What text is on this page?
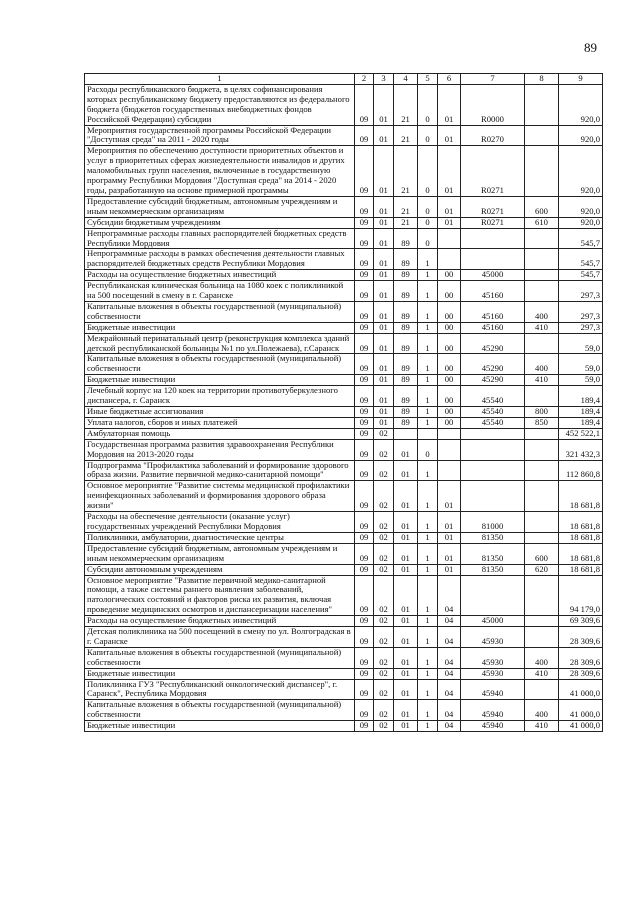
89
1	2	3	4	5	6	7	8	9
Расходы республиканского бюджета, в целях софинансирования которых республиканскому бюджету предоставляются из федерального бюджета (бюджетов государственных внебюджетных фондов Российской Федерации) субсидии	09	01	21	0	01	R0000		920,0
Мероприятия государственной программы Российской Федерации "Доступная среда" на 2011 - 2020 годы	09	01	21	0	01	R0270		920,0
Мероприятия по обеспечению доступности приоритетных объектов и услуг в приоритетных сферах жизнедеятельности инвалидов и других маломобильных групп населения, включенные в государственную программу Республики Мордовия "Доступная среда" на 2014 - 2020 годы, разработанную на основе примерной программы	09	01	21	0	01	R0271		920,0
Предоставление субсидий бюджетным, автономным учреждениям и иным некоммерческим организациям	09	01	21	0	01	R0271	600	920,0
Субсидии бюджетным учреждениям	09	01	21	0	01	R0271	610	920,0
Непрограммные расходы главных распорядителей бюджетных средств Республики Мордовия	09	01	89	0				545,7
Непрограммные расходы в рамках обеспечения деятельности главных распорядителей бюджетных средств Республики Мордовия	09	01	89	1				545,7
Расходы на осуществление бюджетных инвестиций	09	01	89	1	00	45000		545,7
Республиканская клиническая больница на 1080 коек с поликлиникой на 500 посещений в смену в г. Саранске	09	01	89	1	00	45160		297,3
Капитальные вложения в объекты государственной (муниципальной) собственности	09	01	89	1	00	45160	400	297,3
Бюджетные инвестиции	09	01	89	1	00	45160	410	297,3
Межрайонный перинатальный центр (реконструкция комплекса зданий детской республиканской больницы №1 по ул.Полежаева), г.Саранск	09	01	89	1	00	45290		59,0
Капитальные вложения в объекты государственной (муниципальной) собственности	09	01	89	1	00	45290	400	59,0
Бюджетные инвестиции	09	01	89	1	00	45290	410	59,0
Лечебный корпус на 120 коек на территории противотуберкулезного диспансера, г. Саранск	09	01	89	1	00	45540		189,4
Иные бюджетные ассигнования	09	01	89	1	00	45540	800	189,4
Уплата налогов, сборов и иных платежей	09	01	89	1	00	45540	850	189,4
Амбулаторная помощь	09	02						452 522,1
Государственная программа развития здравоохранения Республики Мордовия на 2013-2020 годы	09	02	01	0				321 432,3
Подпрограмма "Профилактика заболеваний и формирование здорового образа жизни. Развитие первичной медико-санитарной помощи"	09	02	01	1				112 860,8
Основное мероприятие "Развитие системы медицинской профилактики неинфекционных заболеваний и формирования здорового образа жизни"	09	02	01	1	01			18 681,8
Расходы на обеспечение деятельности (оказание услуг) государственных учреждений Республики Мордовия	09	02	01	1	01	81000		18 681,8
Поликлиники, амбулатории, диагностические центры	09	02	01	1	01	81350		18 681,8
Предоставление субсидий бюджетным, автономным учреждениям и иным некоммерческим организациям	09	02	01	1	01	81350	600	18 681,8
Субсидии автономным учреждениям	09	02	01	1	01	81350	620	18 681,8
Основное мероприятие "Развитие первичной медико-санитарной помощи, а также системы раннего выявления заболеваний, патологических состояний и факторов риска их развития, включая проведение медицинских осмотров и диспансеризации населения"	09	02	01	1	04			94 179,0
Расходы на осуществление бюджетных инвестиций	09	02	01	1	04	45000		69 309,6
Детская поликлиника на 500 посещений в смену по ул. Волгоградская в г. Саранске	09	02	01	1	04	45930		28 309,6
Капитальные вложения в объекты государственной (муниципальной) собственности	09	02	01	1	04	45930	400	28 309,6
Бюджетные инвестиции	09	02	01	1	04	45930	410	28 309,6
Поликлиника ГУЗ "Республиканский онкологический диспансер", г. Саранск", Республика Мордовия	09	02	01	1	04	45940		41 000,0
Капитальные вложения в объекты государственной (муниципальной) собственности	09	02	01	1	04	45940	400	41 000,0
Бюджетные инвестиции	09	02	01	1	04	45940	410	41 000,0
